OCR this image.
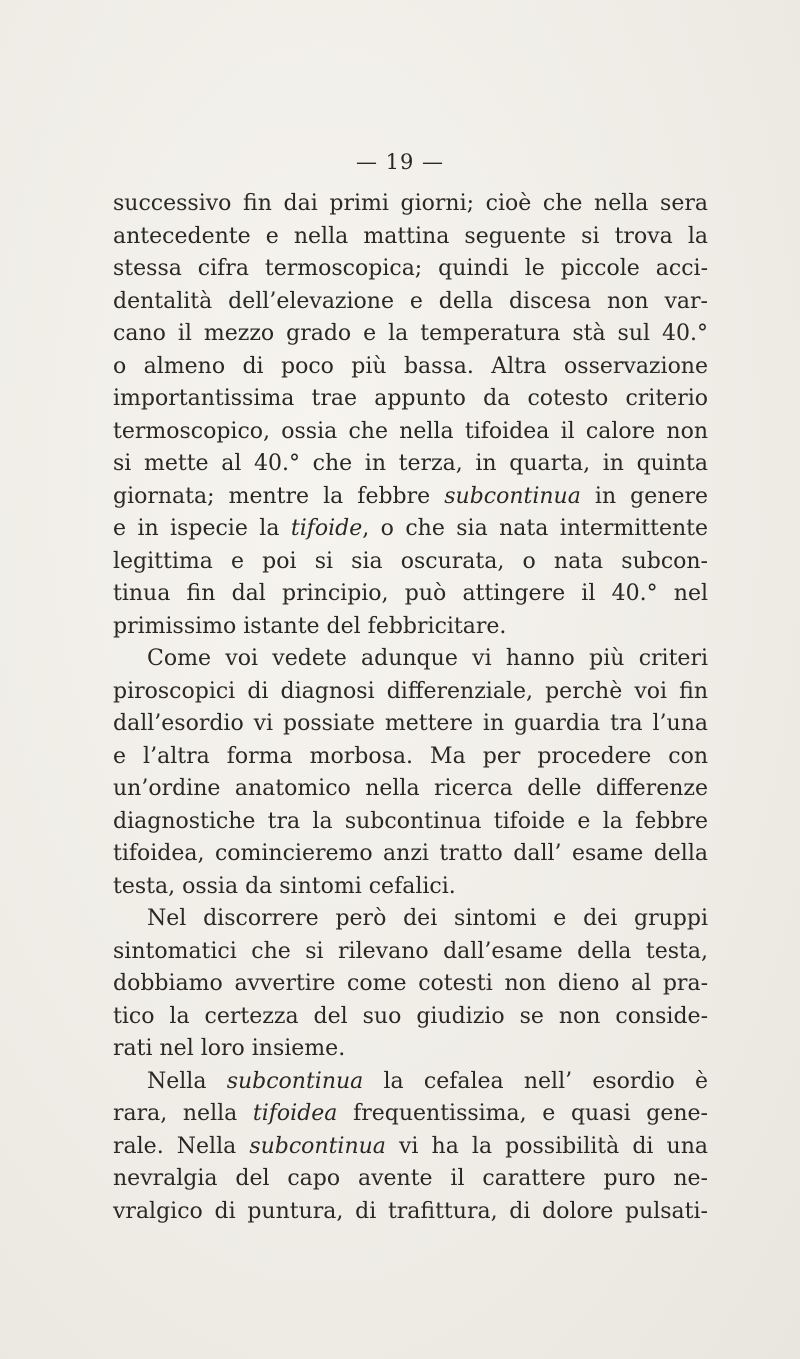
— 19 —
successivo fin dai primi giorni; cioè che nella sera
antecedente e nella mattina seguente si trova la
stessa cifra termoscopica; quindi le piccole acci-
dentalità dell’elevazione e della discesa non var-
cano il mezzo grado e la temperatura stà sul 40.°
o almeno di poco più bassa. Altra osservazione
importantissima trae appunto da cotesto criterio
termoscopico, ossia che nella tifoidea il calore non
si mette al 40.° che in terza, in quarta, in quinta
giornata; mentre la febbre subcontinua in genere
e in ispecie la tifoide, o che sia nata intermittente
legittima e poi si sia oscurata, o nata subcon-
tinua fin dal principio, può attingere il 40.° nel
primissimo istante del febbricitare.
Come voi vedete adunque vi hanno più criteri
piroscopici di diagnosi differenziale, perchè voi fin
dall’esordio vi possiate mettere in guardia tra l’una
e l’altra forma morbosa. Ma per procedere con
un’ordine anatomico nella ricerca delle differenze
diagnostiche tra la subcontinua tifoide e la febbre
tifoidea, comincieremo anzi tratto dall’ esame della
testa, ossia da sintomi cefalici.
Nel discorrere però dei sintomi e dei gruppi
sintomatici che si rilevano dall’esame della testa,
dobbiamo avvertire come cotesti non dieno al pra-
tico la certezza del suo giudizio se non conside-
rati nel loro insieme.
Nella subcontinua la cefalea nell’ esordio è
rara, nella tifoidea frequentissima, e quasi gene-
rale. Nella subcontinua vi ha la possibilità di una
nevralgia del capo avente il carattere puro ne-
vralgico di puntura, di trafittura, di dolore pulsati-
